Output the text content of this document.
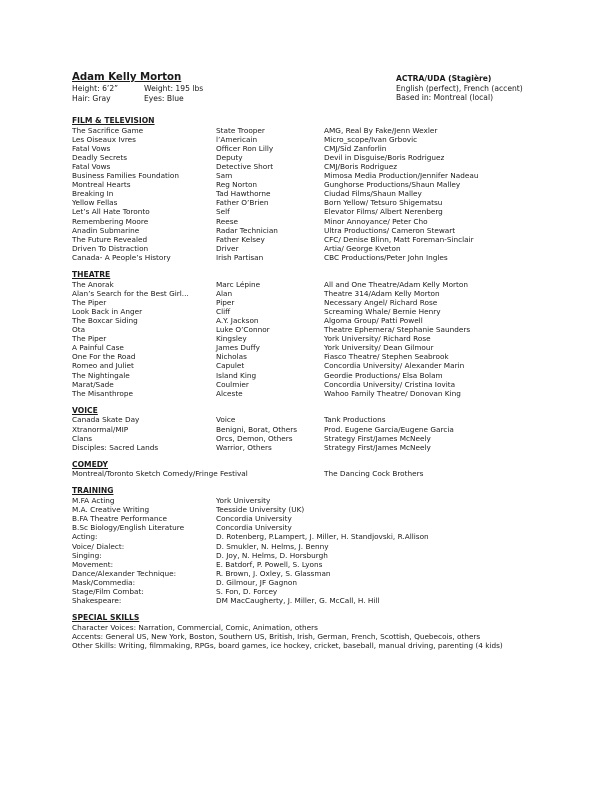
Adam Kelly Morton
Height: 6’2”	Weight: 195 lbs
Hair: Gray	Eyes: Blue
ACTRA/UDA (Stagière)
English (perfect), French (accent)
Based in: Montreal (local)
FILM & TELEVISION
The Sacrifice Game	State Trooper	AMG, Real By Fake/Jenn Wexler
Les Oiseaux Ivres	l’Americain	Micro_scope/Ivan Grbovic
Fatal Vows	Officer Ron Lilly	CMJ/Sid Zanforlin
Deadly Secrets	Deputy	Devil in Disguise/Boris Rodriguez
Fatal Vows	Detective Short	CMJ/Boris Rodriguez
Business Families Foundation	Sam	Mimosa Media Production/Jennifer Nadeau
Montreal Hearts	Reg Norton	Gunghorse Productions/Shaun Malley
Breaking In	Tad Hawthorne	Ciudad Films/Shaun Malley
Yellow Fellas	Father O’Brien	Born Yellow/ Tetsuro Shigematsu
Let’s All Hate Toronto	Self	Elevator Films/ Albert Nerenberg
Remembering Moore	Reese	Minor Annoyance/ Peter Cho
Anadin Submarine	Radar Technician	Ultra Productions/ Cameron Stewart
The Future Revealed	Father Kelsey	CFC/ Denise Blinn, Matt Foreman-Sinclair
Driven To Distraction	Driver	Artia/ George Kveton
Canada- A People’s History	Irish Partisan	CBC Productions/Peter John Ingles
THEATRE
The Anorak	Marc Lépine	All and One Theatre/Adam Kelly Morton
Alan’s Search for the Best Girl...	Alan	Theatre 314/Adam Kelly Morton
The Piper	Piper	Necessary Angel/ Richard Rose
Look Back in Anger	Cliff	Screaming Whale/ Bernie Henry
The Boxcar Siding	A.Y. Jackson	Algoma Group/ Patti Powell
Ota	Luke O’Connor	Theatre Ephemera/ Stephanie Saunders
The Piper	Kingsley	York University/ Richard Rose
A Painful Case	James Duffy	York University/ Dean Gilmour
One For the Road	Nicholas	Fiasco Theatre/ Stephen Seabrook
Romeo and Juliet	Capulet	Concordia University/ Alexander Marin
The Nightingale	Island King	Geordie Productions/ Elsa Bolam
Marat/Sade	Coulmier	Concordia University/ Cristina Iovita
The Misanthrope	Alceste	Wahoo Family Theatre/ Donovan King
VOICE
Canada Skate Day	Voice	Tank Productions
Xtranormal/MIP	Benigni, Borat, Others	Prod. Eugene Garcia/Eugene Garcia
Clans	Orcs, Demon, Others	Strategy First/James McNeely
Disciples: Sacred Lands	Warrior, Others	Strategy First/James McNeely
COMEDY
Montreal/Toronto Sketch Comedy/Fringe Festival	The Dancing Cock Brothers
TRAINING
M.FA Acting	York University
M.A. Creative Writing	Teesside University (UK)
B.FA Theatre Performance	Concordia University
B.Sc Biology/English Literature	Concordia University
Acting:	D. Rotenberg, P.Lampert, J. Miller, H. Standjovski, R.Allison
Voice/ Dialect:	D. Smukler, N. Helms, J. Benny
Singing:	D. Joy, N. Helms, D. Horsburgh
Movement:	E. Batdorf, P. Powell, S. Lyons
Dance/Alexander Technique:	R. Brown, J. Oxley, S. Glassman
Mask/Commedia:	D. Gilmour, JF Gagnon
Stage/Film Combat:	S. Fon, D. Forcey
Shakespeare:	DM MacCaugherty, J. Miller, G. McCall, H. Hill
SPECIAL SKILLS
Character Voices: Narration, Commercial, Comic, Animation, others
Accents: General US, New York, Boston, Southern US, British, Irish, German, French, Scottish, Quebecois, others
Other Skills: Writing, filmmaking, RPGs, board games, ice hockey, cricket, baseball, manual driving, parenting (4 kids)
